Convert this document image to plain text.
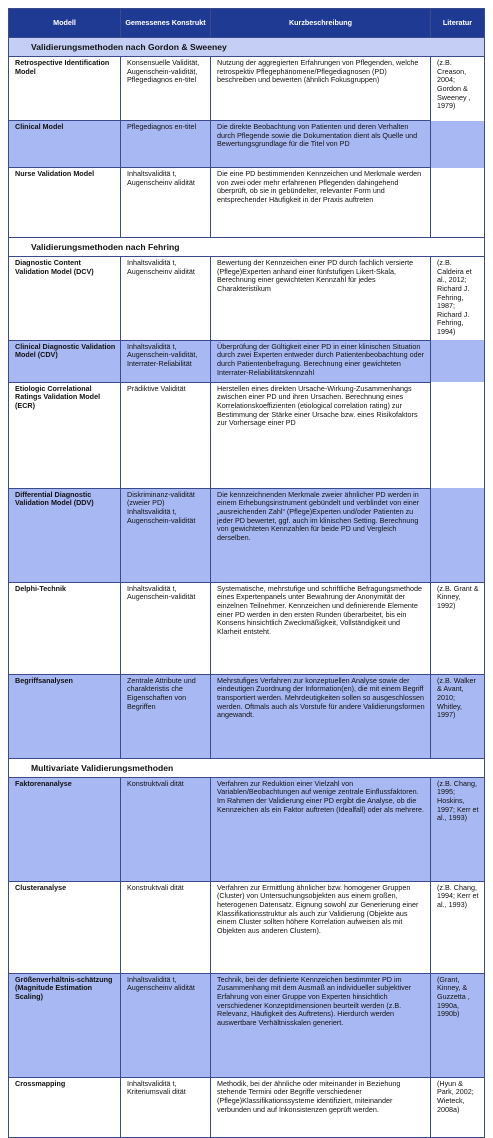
Modell	Gemessenes Konstrukt	Kurzbeschreibung	Literatur
Validierungsmethoden nach Gordon & Sweeney			
Retrospective Identification Model	Konsensuelle Validität, Augenschein-validität, Pflegediagnos en-titel	Nutzung der aggregierten Erfahrungen von Pflegenden, welche retrospektiv Pflegephänomene/Pflegediagnosen (PD) beschreiben und bewerten (ähnlich Fokusgruppen)	(z.B. Creason, 2004; Gordon & Sweeney , 1979)
Clinical Model	Pflegediagnos en-titel	Die direkte Beobachtung von Patienten und deren Verhalten durch Pflegende sowie die Dokumentation dient als Quelle und Bewertungsgrundlage für die Titel von PD	
Nurse Validation Model	Inhaltsvaliditä t, Augenscheinv alidität	Die eine PD bestimmenden Kennzeichen und Merkmale werden von zwei oder mehr erfahrenen Pflegenden dahingehend überprüft, ob sie in gebündelter, relevanter Form und entsprechender Häufigkeit in der Praxis auftreten	
Validierungsmethoden nach Fehring			
Diagnostic Content Validation Model (DCV)	Inhaltsvaliditä t, Augenscheinv alidität	Bewertung der Kennzeichen einer PD durch fachlich versierte (Pflege)Experten anhand einer fünfstufigen Likert-Skala, Berechnung einer gewichteten Kennzahl für jedes Charakteristikum	(z.B. Caldeira et al., 2012; Richard J. Fehring, 1987; Richard J. Fehring, 1994)
Clinical Diagnostic Validation Model (CDV)	Inhaltsvaliditä t, Augenschein-validität, Interrater-Reliabilität	Überprüfung der Gültigkeit einer PD in einer klinischen Situation durch zwei Experten entweder durch Patientenbeobachtung oder durch Patientenbefragung. Berechnung einer gewichteten Interrater-Reliabilitätskennzahl	
Etiologic Correlational Ratings Validation Model (ECR)	Prädiktive Validität	Herstellen eines direkten Ursache-Wirkung-Zusammenhangs zwischen einer PD und ihren Ursachen. Berechnung eines Korrelationskoeffizienten (etiological correlation rating) zur Bestimmung der Stärke einer Ursache bzw. eines Risikofaktors zur Vorhersage einer PD	
Differential Diagnostic Validation Model (DDV)	Diskriminanz-validität (zweier PD) Inhaltsvaliditä t, Augenschein-validität	Die kennzeichnenden Merkmale zweier ähnlicher PD werden in einem Erhebungsinstrument gebündelt und verblindet von einer „ausreichenden Zahl“ (Pflege)Experten und/oder Patienten zu jeder PD bewertet, ggf. auch im klinischen Setting. Berechnung von gewichteten Kennzahlen für beide PD und Vergleich derselben.	
Delphi-Technik	Inhaltsvaliditä t, Augenschein-validität	Systematische, mehrstufige und schriftliche Befragungsmethode eines Expertenpanels unter Bewahrung der Anonymität der einzelnen Teilnehmer. Kennzeichen und definierende Elemente einer PD werden in den ersten Runden überarbeitet, bis ein Konsens hinsichtlich Zweckmäßigkeit, Vollständigkeit und Klarheit entsteht.	(z.B. Grant & Kinney, 1992)
Begriffsanalysen	Zentrale Attribute und charakteristis che Eigenschaften von Begriffen	Mehrstufiges Verfahren zur konzeptuellen Analyse sowie der eindeutigen Zuordnung der Information(en), die mit einem Begriff transportiert werden. Mehrdeutigkeiten sollen so ausgeschlossen werden. Oftmals auch als Vorstufe für andere Validierungsformen angewandt.	(z.B. Walker & Avant, 2010; Whitley, 1997)
Multivariate Validierungsmethoden			
Faktorenanalyse	Konstruktvali dität	Verfahren zur Reduktion einer Vielzahl von Variablen/Beobachtungen auf wenige zentrale Einflussfaktoren. Im Rahmen der Validierung einer PD ergibt die Analyse, ob die Kennzeichen als ein Faktor auftreten (Idealfall) oder als mehrere.	(z.B. Chang, 1995; Hoskins, 1997; Kerr et al., 1993)
Clusteranalyse	Konstruktvali dität	Verfahren zur Ermittlung ähnlicher bzw. homogener Gruppen (Cluster) von Untersuchungsobjekten aus einem großen, heterogenen Datensatz. Eignung sowohl zur Generierung einer Klassifikationsstruktur als auch zur Validierung (Objekte aus einem Cluster sollten höhere Korrelation aufweisen als mit Objekten aus anderen Clustern).	(z.B. Chang, 1994; Kerr et al., 1993)
Größenverhältnis-schätzung (Magnitude Estimation Scaling)	Inhaltsvaliditä t, Augenscheinv alidität	Technik, bei der definierte Kennzeichen bestimmter PD im Zusammenhang mit dem Ausmaß an individueller subjektiver Erfahrung von einer Gruppe von Experten hinsichtlich verschiedener Konzeptdimensionen beurteilt werden (z.B. Relevanz, Häufigkeit des Auftretens). Hierdurch werden auswertbare Verhältnisskalen generiert.	(Grant, Kinney, & Guzzetta , 1990a, 1990b)
Crossmapping	Inhaltsvaliditä t, Kriteriumsvali dität	Methodik, bei der ähnliche oder miteinander in Beziehung stehende Termini oder Begriffe verschiedener (Pflege)Klassifikationssysteme identifiziert, miteinander verbunden und auf Inkonsistenzen geprüft werden.	(Hyun & Park, 2002; Wieteck, 2008a)
